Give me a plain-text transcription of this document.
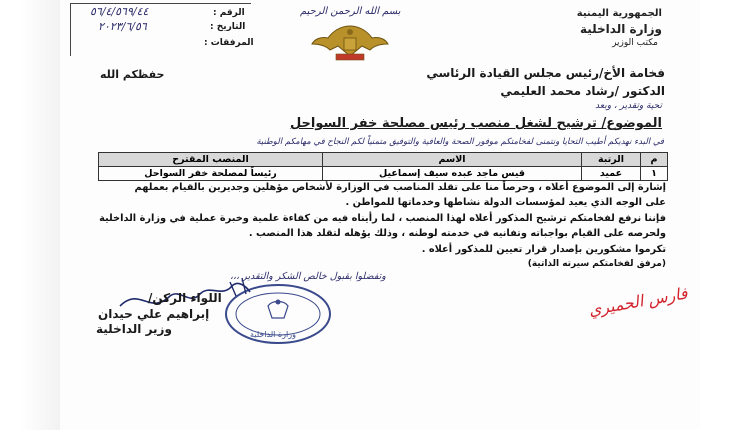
الجمهورية اليمنية
وزارة الداخلية
مكتب الوزير
بسم الله الرحمن الرحيم
الرقم :
٥٦/٤/٥٦٩/٤٤
التاريخ :
٢٠٢٣/٦/٥٦
المرفقات :
فخامة الأخ/رئيس مجلس القيادة الرئاسي
الدكتور /رشاد محمد العليمي
حفظكم الله
تحية وتقدير ، وبعد
الموضوع/ ترشيح لشغل منصب رئيس مصلحة خفر السواحل
في البدء نهديكم أطيب التحايا ونتمنى لفخامتكم موفور الصحة والعافية والتوفيق متمنياً لكم النجاح في مهامكم الوطنية
م	الرتبة	الاسم	المنصب المقترح
١	عميد	قيس ماجد عبده سيف إسماعيل	رئيساً لمصلحة خفر السواحل
إشارة إلى الموضوع أعلاه ، وحرصاً منا على تقلد المناصب في الوزارة لأشخاص مؤهلين وجديرين بالقيام بعملهم
على الوجه الذي يعيد لمؤسسات الدولة نشاطها وخدماتها للمواطن .
فإننا نرفع لفخامتكم ترشيح المذكور أعلاه لهذا المنصب ، لما رأيناه فيه من كفاءة علمية وخبرة عملية في وزارة الداخلية
ولحرصه على القيام بواجباته وتفانيه في خدمته لوطنه ، وذلك يؤهله لتقلد هذا المنصب .
تكرموا مشكورين بإصدار قرار تعيين للمذكور أعلاه .
(مرفق لفخامتكم سيرته الذاتية)
وتفضلوا بقبول خالص الشكر والتقدير ،،،
وزارة الداخلية
اللواء الركن/
إبراهيم علي حيدان
وزير الداخلية
فارس الحميري
